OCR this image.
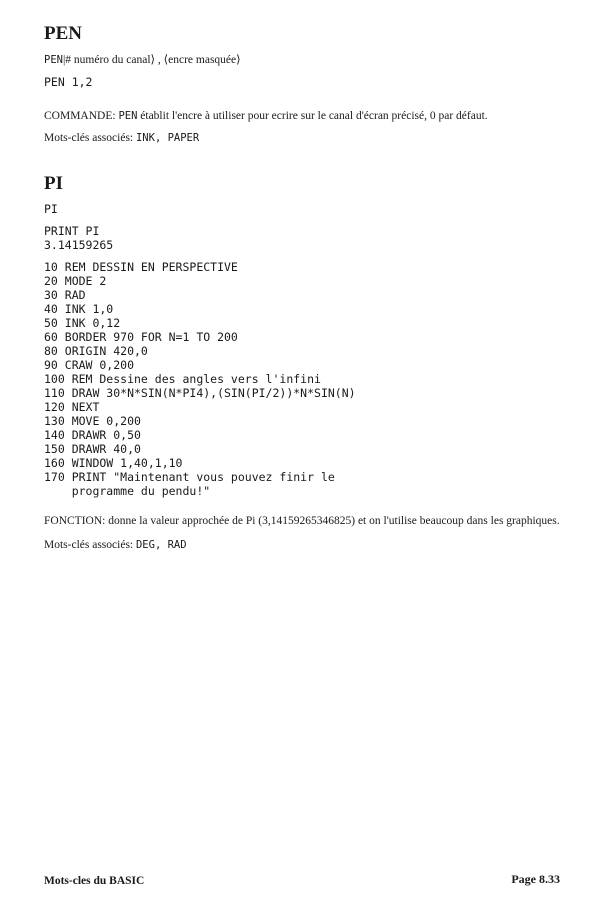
PEN

PEN|# numéro du canal⟩ , ⟨encre masquée⟩

PEN 1,2

COMMANDE: PEN établit l'encre à utiliser pour ecrire sur le canal d'écran précisé, 0 par défaut.

Mots-clés associés: INK, PAPER

PI

PI

PRINT PI

3.14159265

10 REM DESSIN EN PERSPECTIVE

20 MODE 2

30 RAD

40 INK 1,0

50 INK 0,12

60 BORDER 970 FOR N=1 TO 200

80 ORIGIN 420,0

90 CRAW 0,200

100 REM Dessine des angles vers l'infini

110 DRAW 30*N*SIN(N*PI4),(SIN(PI/2))*N*SIN(N)

120 NEXT

130 MOVE 0,200

140 DRAWR 0,50

150 DRAWR 40,0

160 WINDOW 1,40,1,10

170 PRINT "Maintenant vous pouvez finir le

programme du pendu!"

FONCTION: donne la valeur approchée de Pi (3,14159265346825) et on l'utilise beaucoup dans les graphiques.

Mots-clés associés: DEG, RAD

Mots-cles du BASIC	Page 8.33
